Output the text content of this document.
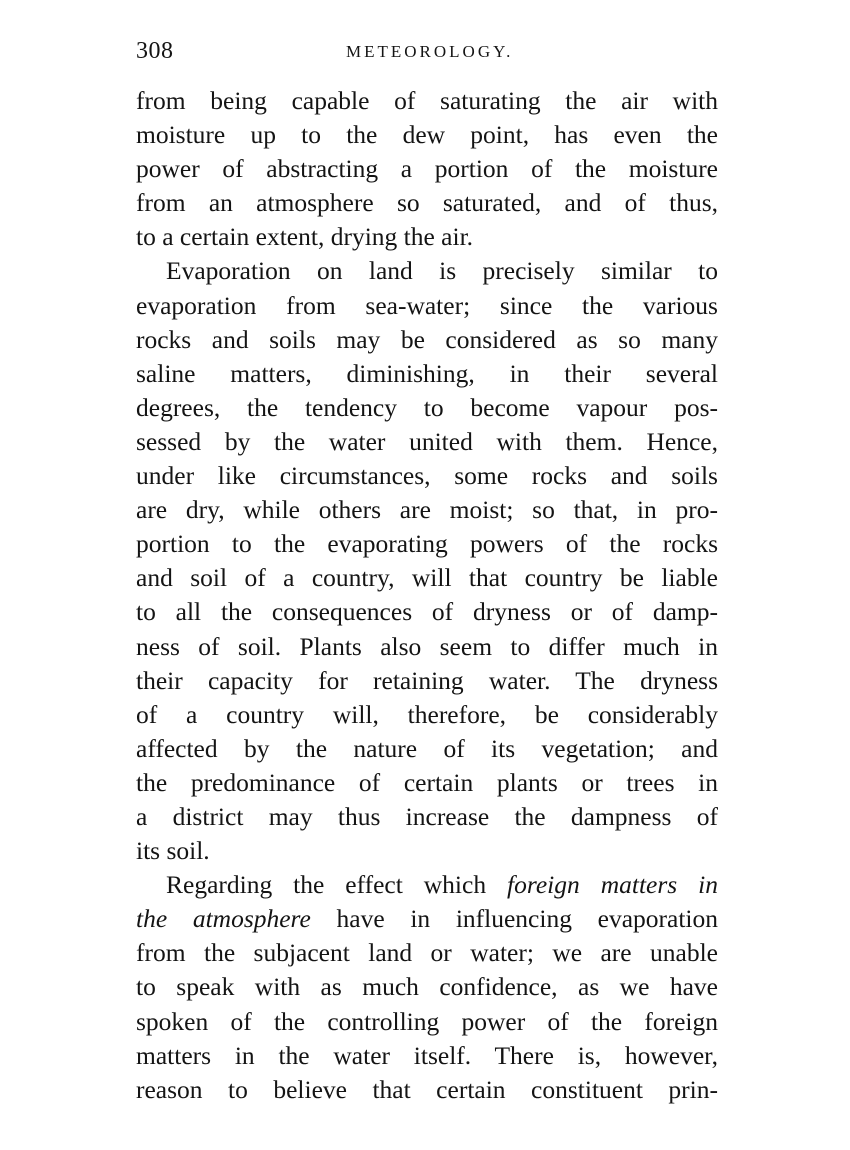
308	METEOROLOGY.
from being capable of saturating the air with
moisture up to the dew point, has even the
power of abstracting a portion of the moisture
from an atmosphere so saturated, and of thus,
to a certain extent, drying the air.
Evaporation on land is precisely similar to
evaporation from sea-water; since the various
rocks and soils may be considered as so many
saline matters, diminishing, in their several
degrees, the tendency to become vapour pos-
sessed by the water united with them. Hence,
under like circumstances, some rocks and soils
are dry, while others are moist; so that, in pro-
portion to the evaporating powers of the rocks
and soil of a country, will that country be liable
to all the consequences of dryness or of damp-
ness of soil. Plants also seem to differ much in
their capacity for retaining water. The dryness
of a country will, therefore, be considerably
affected by the nature of its vegetation; and
the predominance of certain plants or trees in
a district may thus increase the dampness of
its soil.
Regarding the effect which foreign matters in
the atmosphere have in influencing evaporation
from the subjacent land or water; we are unable
to speak with as much confidence, as we have
spoken of the controlling power of the foreign
matters in the water itself. There is, however,
reason to believe that certain constituent prin-
